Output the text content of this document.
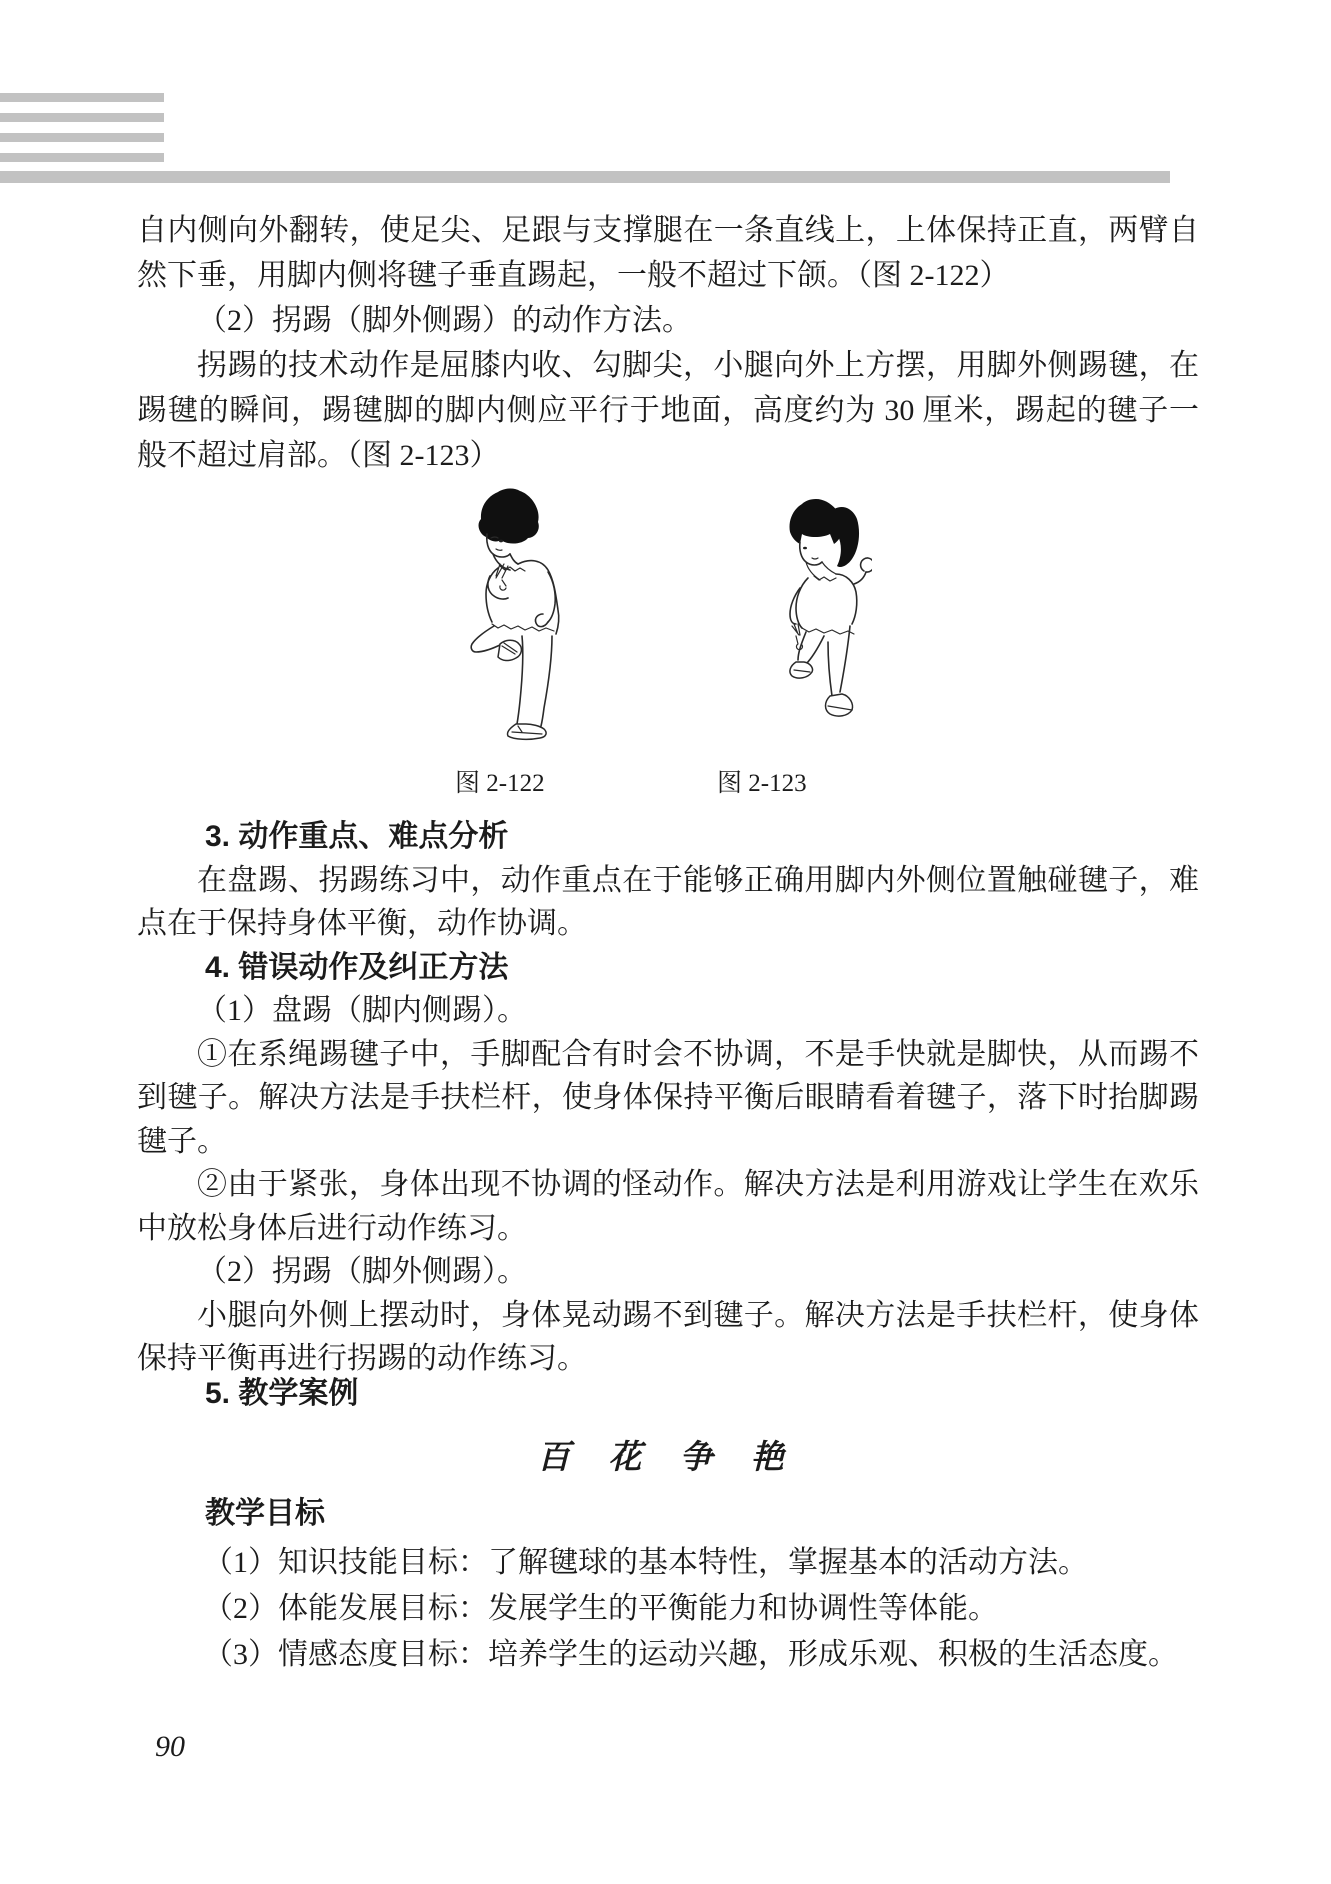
自内侧向外翻转，使足尖、足跟与支撑腿在一条直线上，上体保持正直，两臂自然下垂，用脚内侧将毽子垂直踢起，一般不超过下颌。（图 2-122）

（2）拐踢（脚外侧踢）的动作方法。

拐踢的技术动作是屈膝内收、勾脚尖，小腿向外上方摆，用脚外侧踢毽，在踢毽的瞬间，踢毽脚的脚内侧应平行于地面，高度约为 30 厘米，踢起的毽子一般不超过肩部。（图 2-123）

图 2-122	图 2-123

3. 动作重点、难点分析

在盘踢、拐踢练习中，动作重点在于能够正确用脚内外侧位置触碰毽子，难点在于保持身体平衡，动作协调。

4. 错误动作及纠正方法

（1）盘踢（脚内侧踢）。

①在系绳踢毽子中，手脚配合有时会不协调，不是手快就是脚快，从而踢不到毽子。解决方法是手扶栏杆，使身体保持平衡后眼睛看着毽子，落下时抬脚踢毽子。

②由于紧张，身体出现不协调的怪动作。解决方法是利用游戏让学生在欢乐中放松身体后进行动作练习。

（2）拐踢（脚外侧踢）。

小腿向外侧上摆动时，身体晃动踢不到毽子。解决方法是手扶栏杆，使身体保持平衡再进行拐踢的动作练习。

5. 教学案例

百 花 争 艳

教学目标

（1）知识技能目标：了解毽球的基本特性，掌握基本的活动方法。

（2）体能发展目标：发展学生的平衡能力和协调性等体能。

（3）情感态度目标：培养学生的运动兴趣，形成乐观、积极的生活态度。

90
